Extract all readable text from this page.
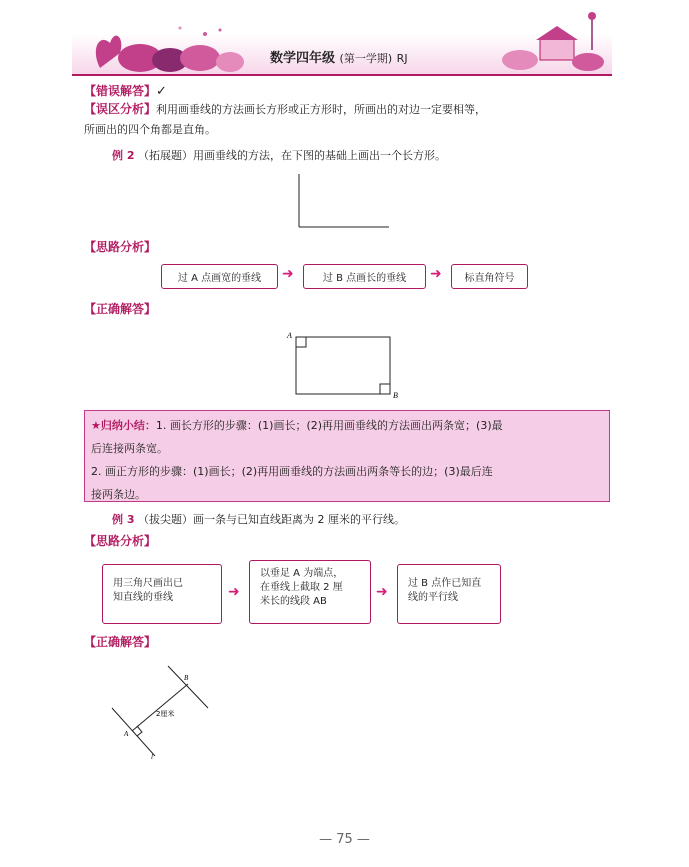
数学四年级 (第一学期) RJ
【错误解答】✓
【误区分析】利用画垂线的方法画长方形或正方形时，所画出的对边一定要相等，
所画出的四个角都是直角。
例 2 （拓展题）用画垂线的方法，在下图的基础上画出一个长方形。
【思路分析】
过 A 点画宽的垂线	➜	过 B 点画长的垂线	➜	标直角符号
【正确解答】
A
B
★归纳小结：1. 画长方形的步骤：(1)画长；(2)再用画垂线的方法画出两条宽；(3)最
后连接两条宽。
2. 画正方形的步骤：(1)画长；(2)再用画垂线的方法画出两条等长的边；(3)最后连
接两条边。
例 3 （拔尖题）画一条与已知直线距离为 2 厘米的平行线。
【思路分析】
用三角尺画出已
知直线的垂线	➜
以垂足 A 为端点，
在垂线上截取 2 厘
米长的线段 AB
➜
过 B 点作已知直
线的平行线
【正确解答】
B
A
l
2厘米
— 75 —
